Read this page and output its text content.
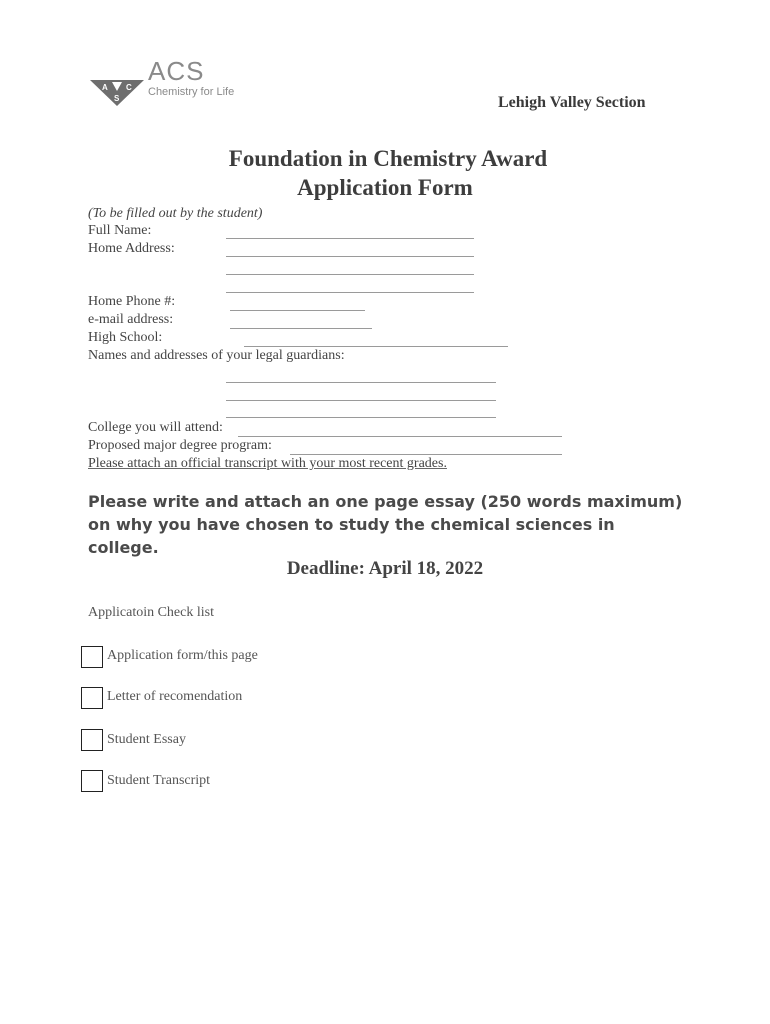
A C
S
ACS
Chemistry for Life
Lehigh Valley Section
Foundation in Chemistry Award
Application Form
(To be filled out by the student)
Full Name:
Home Address:
Home Phone #:
e-mail address:
High School:
Names and addresses of your legal guardians:
College you will attend:
Proposed major degree program:
Please attach an official transcript with your most recent grades.
Please write and attach an one page essay (250 words maximum) on why you have chosen to study the chemical sciences in college.
Deadline: April 18, 2022
Applicatoin Check list
Application form/this page
Letter of recomendation
Student Essay
Student Transcript
